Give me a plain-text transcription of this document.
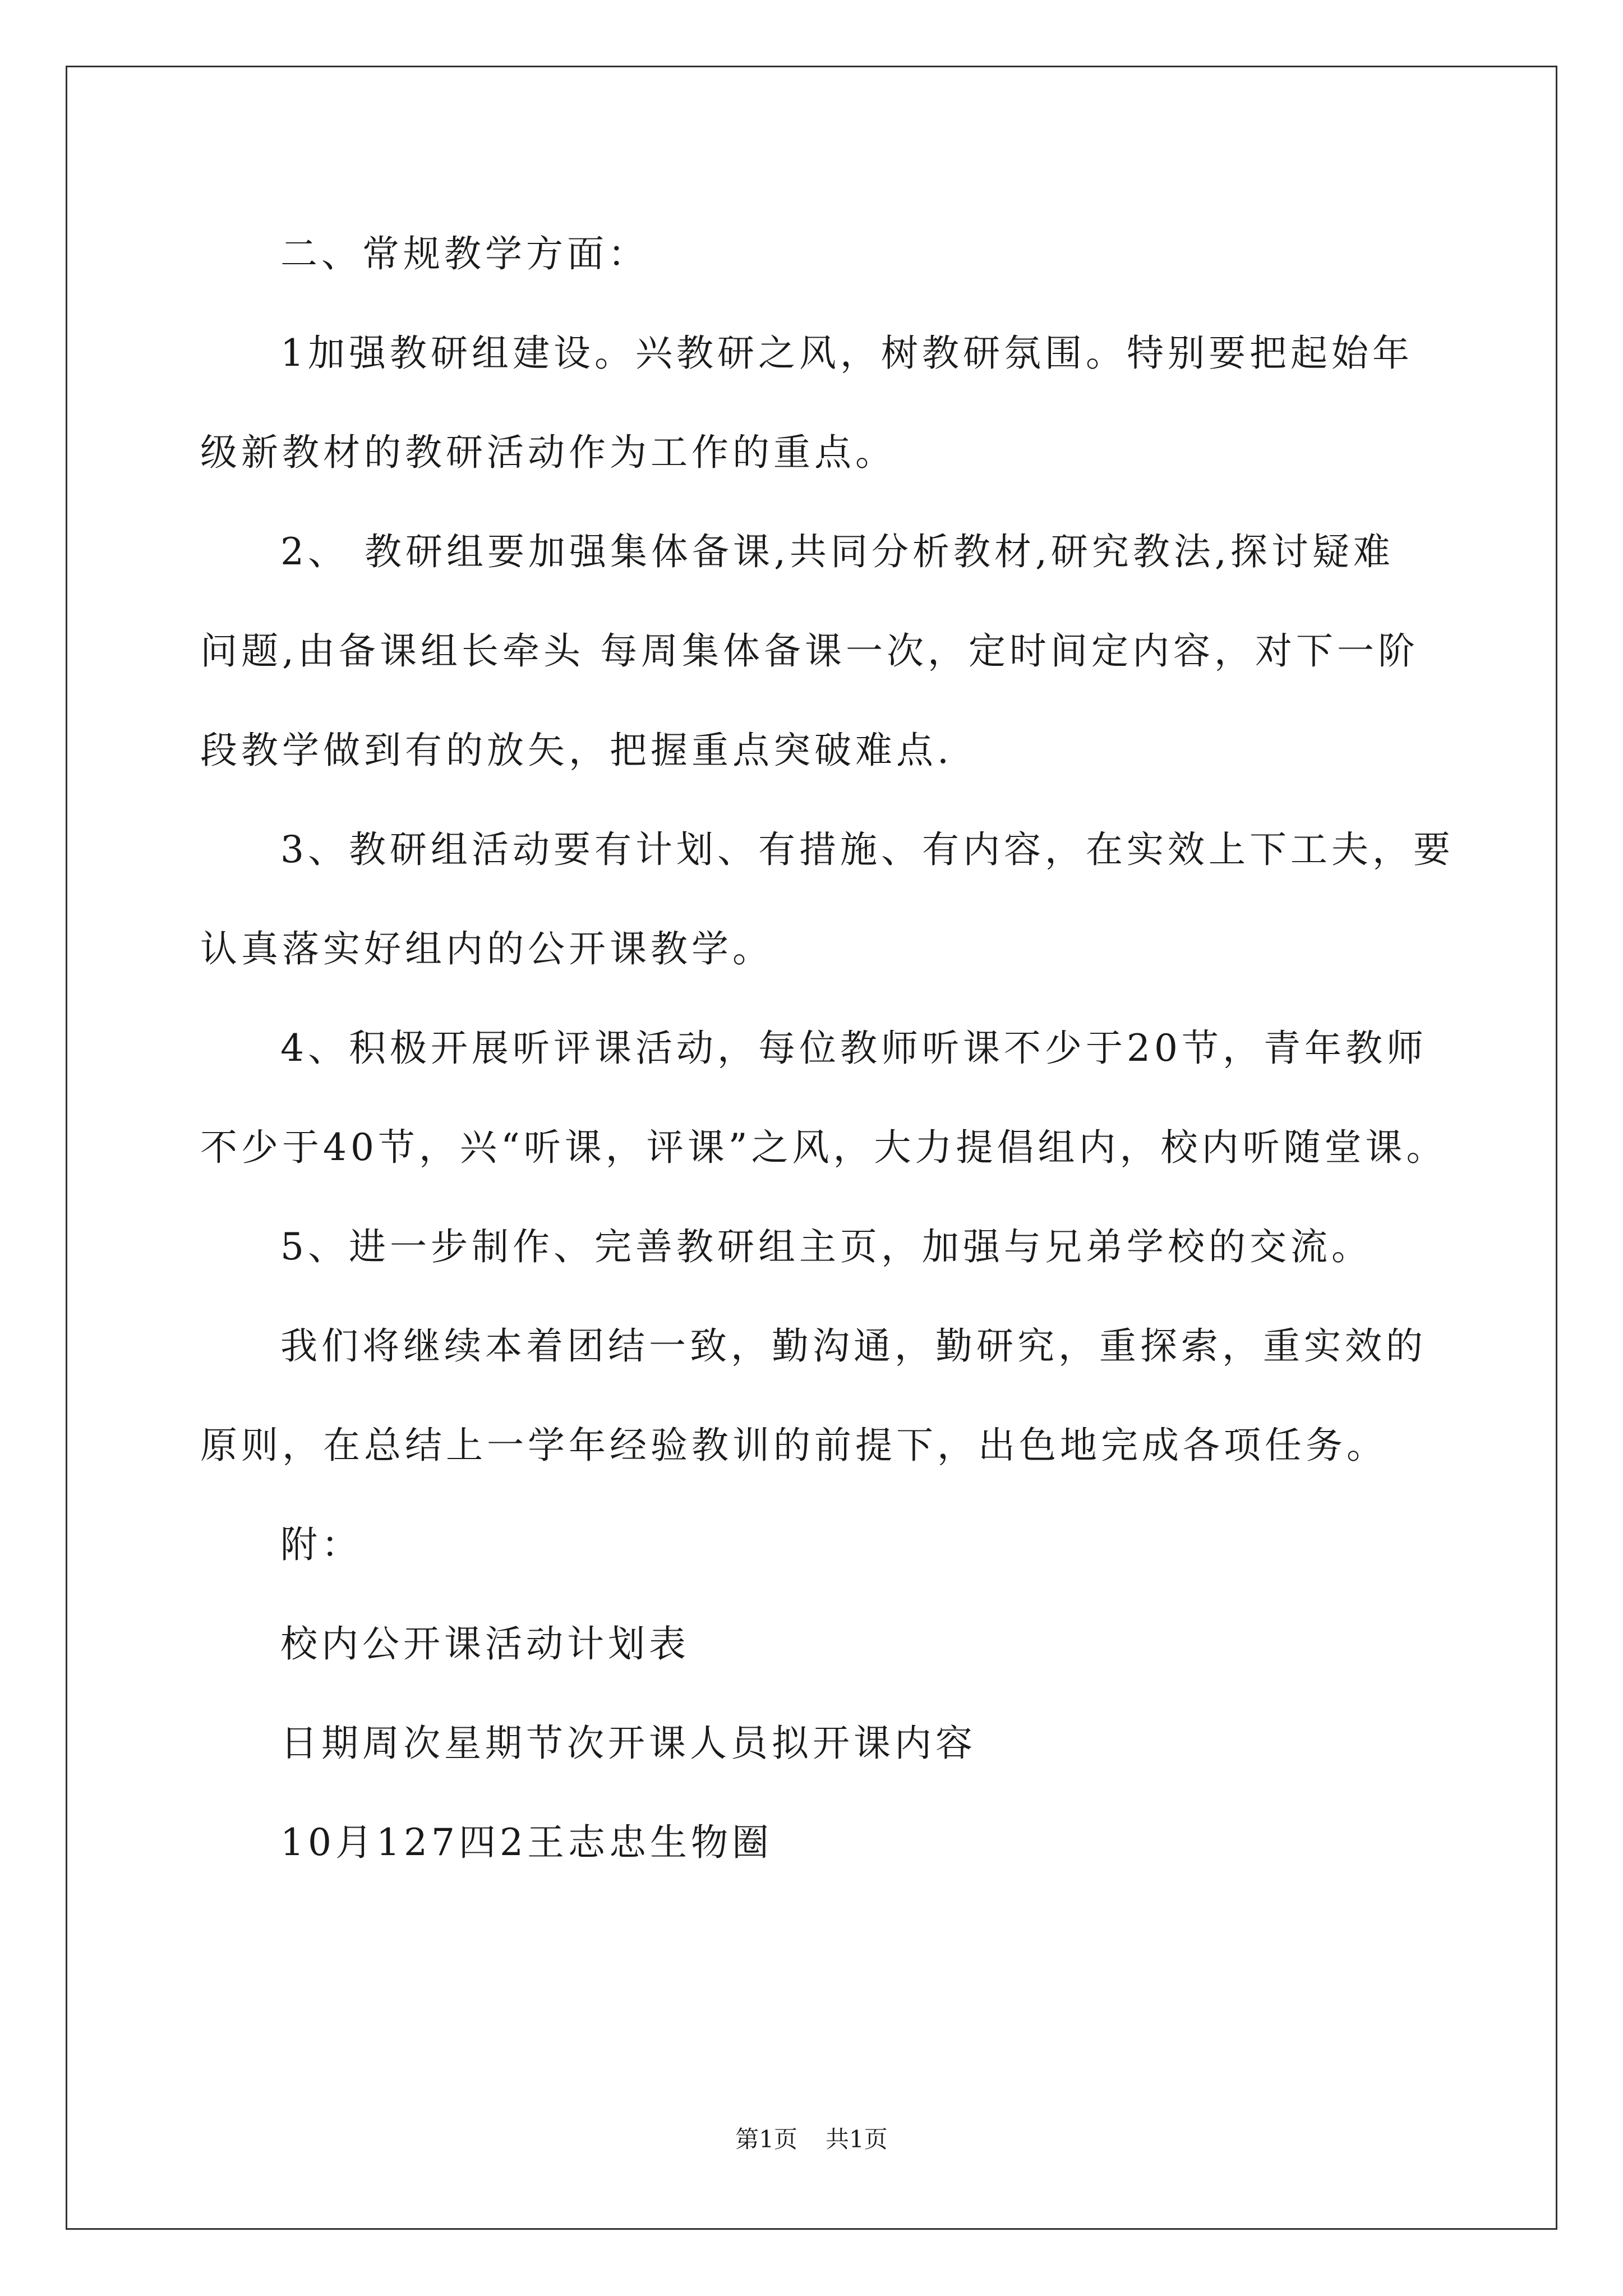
二、常规教学方面：
1加强教研组建设。兴教研之风，树教研氛围。特别要把起始年
级新教材的教研活动作为工作的重点。
2、 教研组要加强集体备课,共同分析教材,研究教法,探讨疑难
问题,由备课组长牵头 每周集体备课一次，定时间定内容，对下一阶
段教学做到有的放矢，把握重点突破难点.
3、教研组活动要有计划、有措施、有内容，在实效上下工夫，要
认真落实好组内的公开课教学。
4、积极开展听评课活动，每位教师听课不少于20节，青年教师
不少于40节，兴“听课，评课”之风，大力提倡组内，校内听随堂课。
5、进一步制作、完善教研组主页，加强与兄弟学校的交流。
我们将继续本着团结一致，勤沟通，勤研究，重探索，重实效的
原则，在总结上一学年经验教训的前提下，出色地完成各项任务。
附：
校内公开课活动计划表
日期周次星期节次开课人员拟开课内容
10月127四2王志忠生物圈
第1页 共1页
